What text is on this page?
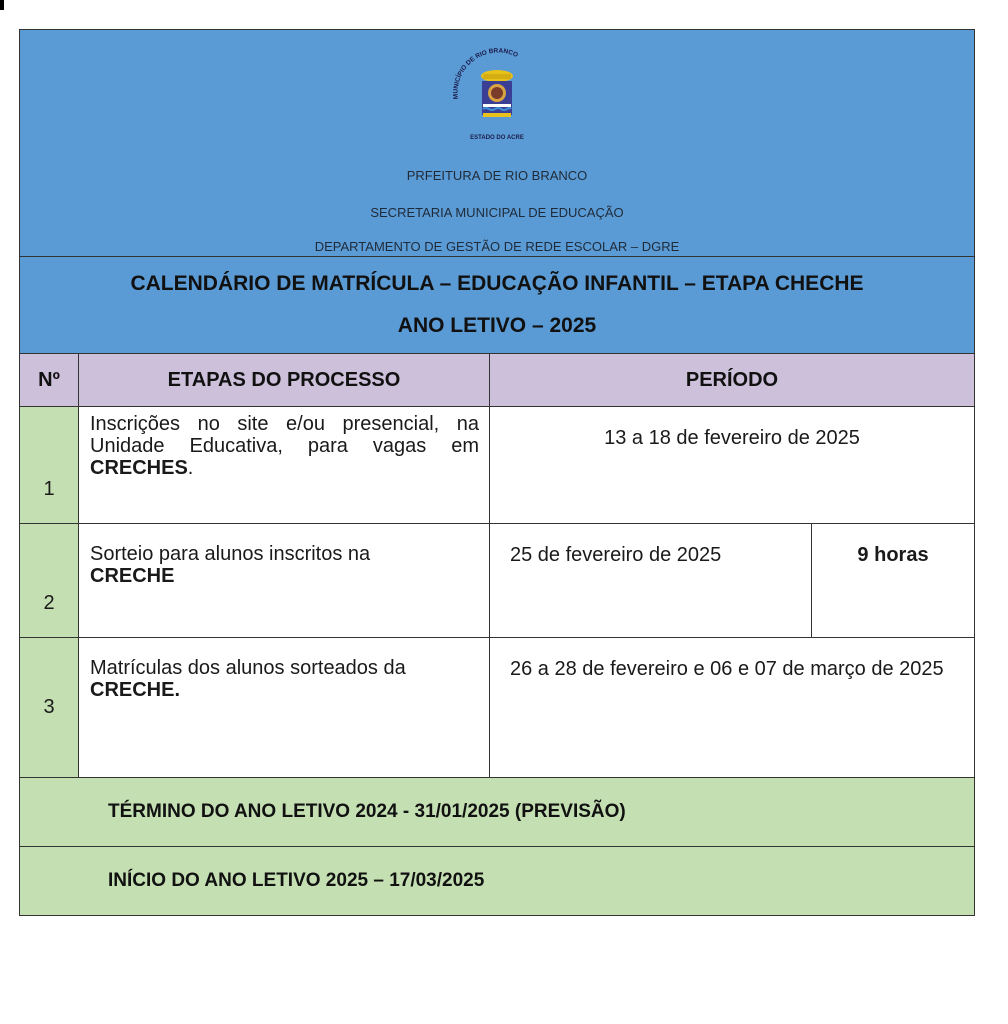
MUNICÍPIO DE RIO BRANCO
ESTADO DO ACRE
PRFEITURA DE RIO BRANCO
SECRETARIA MUNICIPAL DE EDUCAÇÃO
DEPARTAMENTO DE GESTÃO DE REDE ESCOLAR – DGRE			

CALENDÁRIO DE MATRÍCULA – EDUCAÇÃO INFANTIL – ETAPA CHECHE
ANO LETIVO – 2025			

Nº	ETAPAS DO PROCESSO	PERÍODO	

1	Inscrições no site e/ou presencial, na Unidade Educativa, para vagas em CRECHES.	13 a 18 de fevereiro de 2025	

2	Sorteio para alunos inscritos na
CRECHE	25 de fevereiro de 2025	9 horas

3	Matrículas dos alunos sorteados da
CRECHE.	26 a 28 de fevereiro e 06 e 07 de março de 2025	
TÉRMINO DO ANO LETIVO 2024 - 31/01/2025 (PREVISÃO)			
INÍCIO DO ANO LETIVO 2025 – 17/03/2025			
